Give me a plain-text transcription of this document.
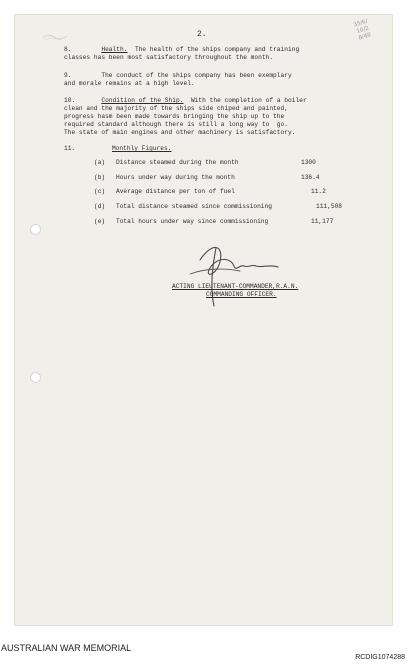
35/6/
10/2
8/48
2.
8.	Health. The health of the ships company and training
classes has been most satisfactory throughout the month.
9.        The conduct of the ships company has been exemplary
and morale remains at a high level.
10.	Condition of the Ship. With the completion of a boiler
clean and the majority of the ships side chiped and painted,
progress hasm been made towards bringing the ship up to the
required standard although there is still a long way to  go.
The state of main engines and other machinery is satisfactory.
11.	Monthly Figures.
(a) Distance steamed during the month	1300
(b) Hours under way during the month	136.4
(c) Average distance per ton of fuel	11.2
(d) Total distance steamed since commissioning	111,508
(e) Total hours under way since commissioning	11,177
ACTING LIEUTENANT-COMMANDER,R.A.N.
COMMANDING OFFICER.
AUSTRALIAN WAR MEMORIAL
RCDIG1074288
